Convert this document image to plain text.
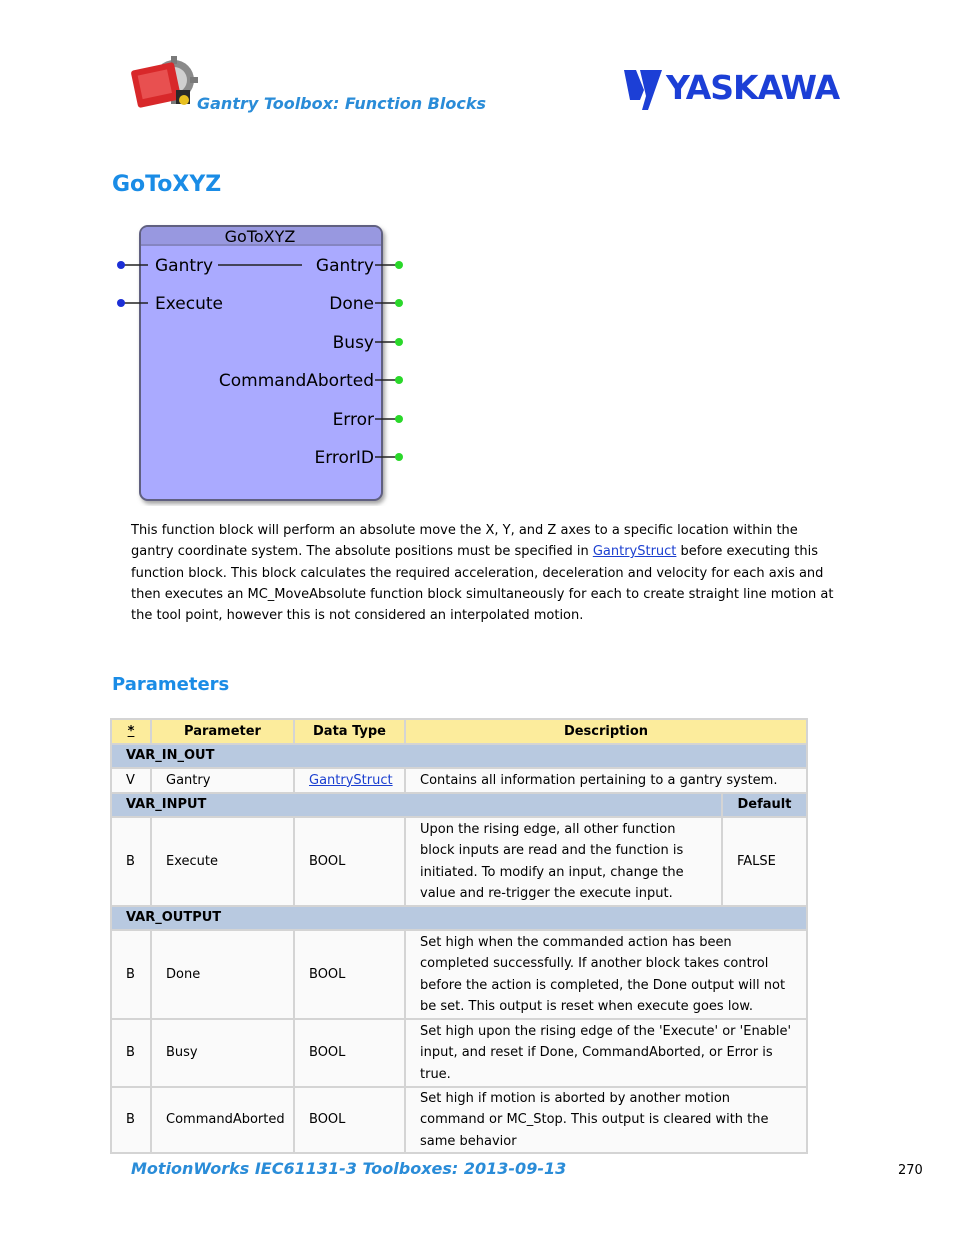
Gantry Toolbox: Function Blocks	YASKAWA
GoToXYZ
GoToXYZ
Gantry
Execute
Gantry
Done
Busy
CommandAborted
Error
ErrorID

This function block will perform an absolute move the X, Y, and Z axes to a specific location within the gantry coordinate system. The absolute positions must be specified in GantryStruct before executing this function block. This block calculates the required acceleration, deceleration and velocity for each axis and then executes an MC_MoveAbsolute function block simultaneously for each to create straight line motion at the tool point, however this is not considered an interpolated motion.

Parameters
*	Parameter	Data Type	Description	
VAR_IN_OUT				
V	Gantry	GantryStruct	Contains all information pertaining to a gantry system.	
VAR_INPUT				Default
B	Execute	BOOL	Upon the rising edge, all other function block inputs are read and the function is initiated. To modify an input, change the value and re-trigger the execute input.	FALSE
VAR_OUTPUT				
B	Done	BOOL	Set high when the commanded action has been completed successfully. If another block takes control before the action is completed, the Done output will not be set. This output is reset when execute goes low.	
B	Busy	BOOL	Set high upon the rising edge of the 'Execute' or 'Enable' input, and reset if Done, CommandAborted, or Error is true.	
B	CommandAborted	BOOL	Set high if motion is aborted by another motion command or MC_Stop. This output is cleared with the same behavior	
MotionWorks IEC61131-3 Toolboxes: 2013-09-13	270
